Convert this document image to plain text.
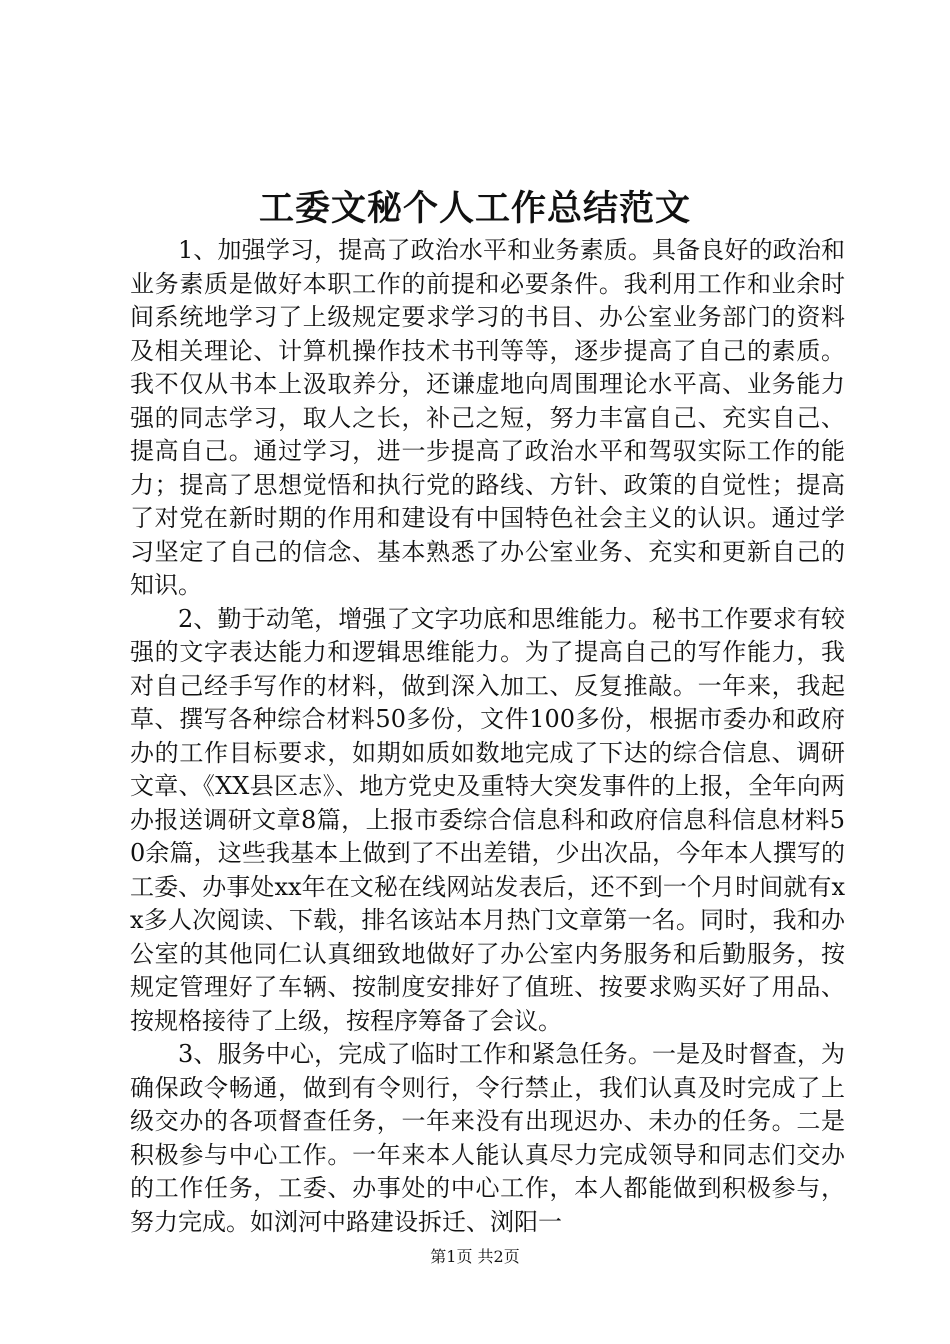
工委文秘个人工作总结范文

1、加强学习，提高了政治水平和业务素质。具备良好的政治和业务素质是做好本职工作的前提和必要条件。我利用工作和业余时间系统地学习了上级规定要求学习的书目、办公室业务部门的资料及相关理论、计算机操作技术书刊等等，逐步提高了自己的素质。我不仅从书本上汲取养分，还谦虚地向周围理论水平高、业务能力强的同志学习，取人之长，补己之短，努力丰富自己、充实自己、提高自己。通过学习，进一步提高了政治水平和驾驭实际工作的能力；提高了思想觉悟和执行党的路线、方针、政策的自觉性；提高了对党在新时期的作用和建设有中国特色社会主义的认识。通过学习坚定了自己的信念、基本熟悉了办公室业务、充实和更新自己的知识。

2、勤于动笔，增强了文字功底和思维能力。秘书工作要求有较强的文字表达能力和逻辑思维能力。为了提高自己的写作能力，我对自己经手写作的材料，做到深入加工、反复推敲。一年来，我起草、撰写各种综合材料50多份，文件100多份，根据市委办和政府办的工作目标要求，如期如质如数地完成了下达的综合信息、调研文章、《XX县区志》、地方党史及重特大突发事件的上报，全年向两办报送调研文章8篇，上报市委综合信息科和政府信息科信息材料50余篇，这些我基本上做到了不出差错，少出次品，今年本人撰写的工委、办事处xx年在文秘在线网站发表后，还不到一个月时间就有xx多人次阅读、下载，排名该站本月热门文章第一名。同时，我和办公室的其他同仁认真细致地做好了办公室内务服务和后勤服务，按规定管理好了车辆、按制度安排好了值班、按要求购买好了用品、按规格接待了上级，按程序筹备了会议。

3、服务中心，完成了临时工作和紧急任务。一是及时督查，为确保政令畅通，做到有令则行，令行禁止，我们认真及时完成了上级交办的各项督查任务，一年来没有出现迟办、未办的任务。二是积极参与中心工作。一年来本人能认真尽力完成领导和同志们交办的工作任务，工委、办事处的中心工作，本人都能做到积极参与，努力完成。如浏河中路建设拆迁、浏阳一

第1页 共2页
